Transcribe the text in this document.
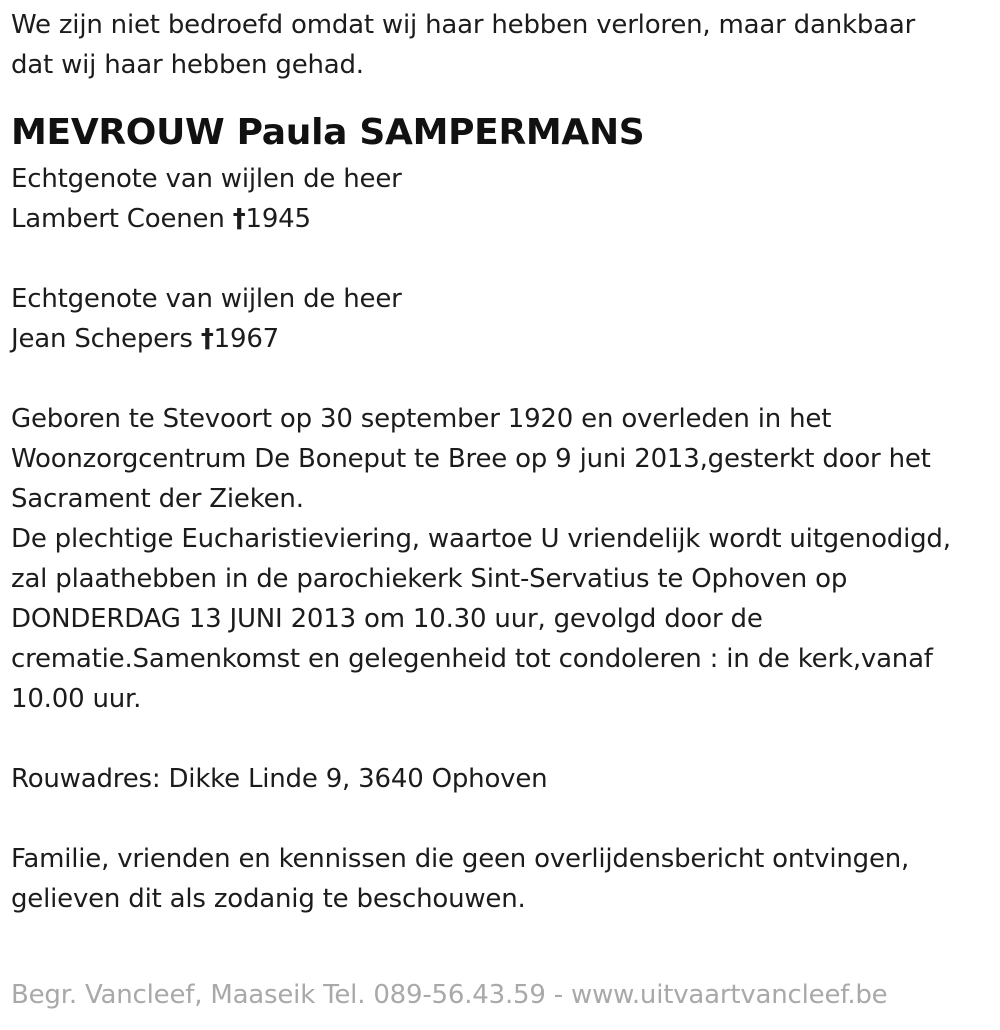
We zijn niet bedroefd omdat wij haar hebben verloren, maar dankbaar
dat wij haar hebben gehad.
MEVROUW Paula SAMPERMANS
Echtgenote van wijlen de heer
Lambert Coenen †1945
Echtgenote van wijlen de heer
Jean Schepers †1967
Geboren te Stevoort op 30 september 1920 en overleden in het
Woonzorgcentrum De Boneput te Bree op 9 juni 2013,gesterkt door het
Sacrament der Zieken.
De plechtige Eucharistieviering, waartoe U vriendelijk wordt uitgenodigd,
zal plaathebben in de parochiekerk Sint-Servatius te Ophoven op
DONDERDAG 13 JUNI 2013 om 10.30 uur, gevolgd door de
crematie.Samenkomst en gelegenheid tot condoleren : in de kerk,vanaf
10.00 uur.
Rouwadres: Dikke Linde 9, 3640 Ophoven
Familie, vrienden en kennissen die geen overlijdensbericht ontvingen,
gelieven dit als zodanig te beschouwen.
Begr. Vancleef, Maaseik Tel. 089-56.43.59 - www.uitvaartvancleef.be
